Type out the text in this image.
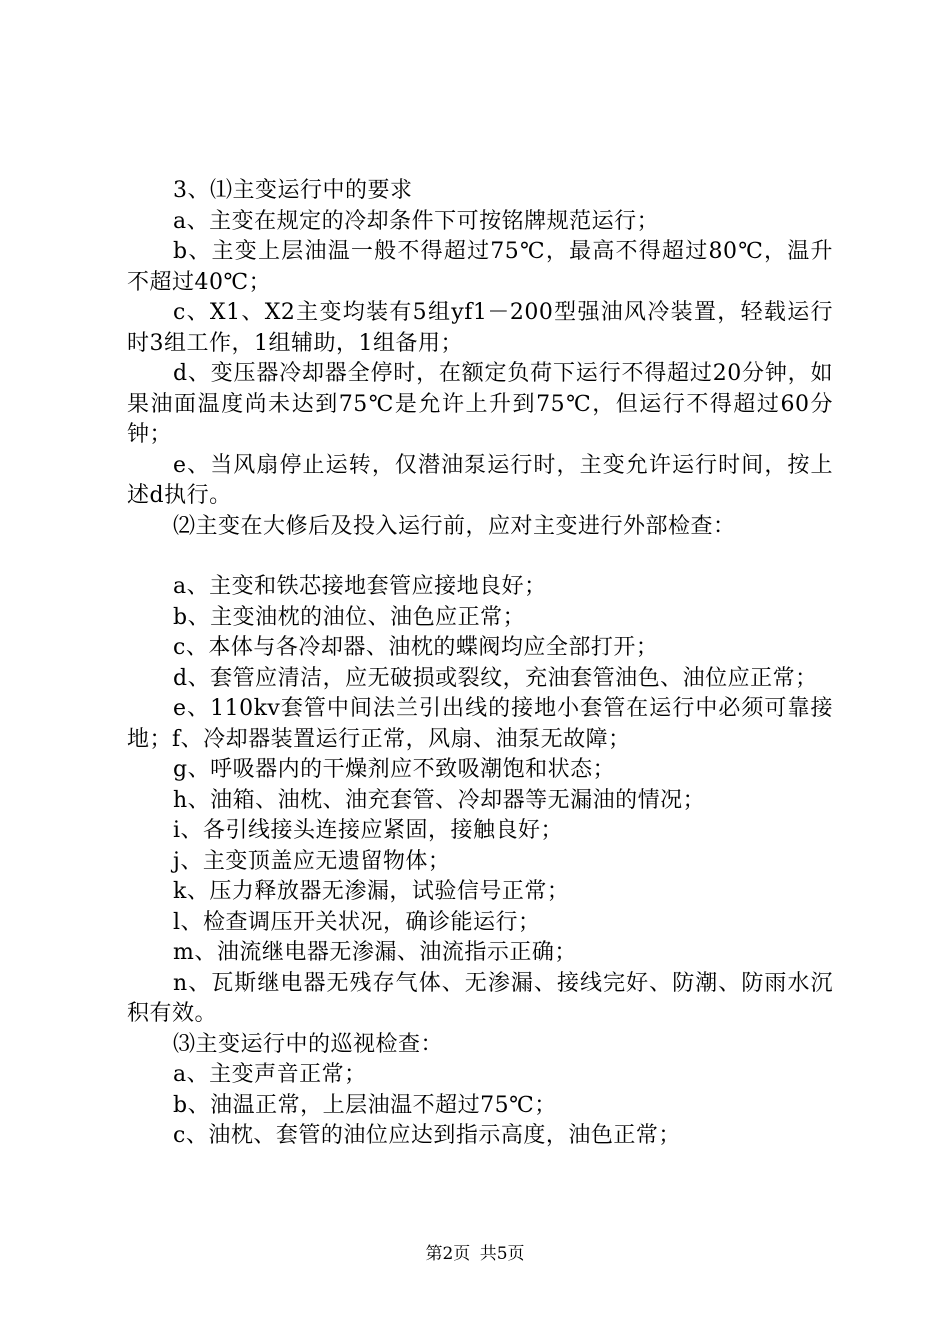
3、⑴主变运行中的要求

a、主变在规定的冷却条件下可按铭牌规范运行；

b、主变上层油温一般不得超过75℃，最高不得超过80℃，温升不超过40℃；

c、X1、X2主变均装有5组yf1－200型强油风冷装置，轻载运行时3组工作，1组辅助，1组备用；

d、变压器冷却器全停时，在额定负荷下运行不得超过20分钟，如果油面温度尚未达到75℃是允许上升到75℃，但运行不得超过60分钟；

e、当风扇停止运转，仅潜油泵运行时，主变允许运行时间，按上述d执行。

⑵主变在大修后及投入运行前，应对主变进行外部检查：

a、主变和铁芯接地套管应接地良好；

b、主变油枕的油位、油色应正常；

c、本体与各冷却器、油枕的蝶阀均应全部打开；

d、套管应清洁，应无破损或裂纹，充油套管油色、油位应正常；

e、110kv套管中间法兰引出线的接地小套管在运行中必须可靠接地；f、冷却器装置运行正常，风扇、油泵无故障；

g、呼吸器内的干燥剂应不致吸潮饱和状态；

h、油箱、油枕、油充套管、冷却器等无漏油的情况；

i、各引线接头连接应紧固，接触良好；

j、主变顶盖应无遗留物体；

k、压力释放器无渗漏，试验信号正常；

l、检查调压开关状况，确诊能运行；

m、油流继电器无渗漏、油流指示正确；

n、瓦斯继电器无残存气体、无渗漏、接线完好、防潮、防雨水沉积有效。

⑶主变运行中的巡视检查：

a、主变声音正常；

b、油温正常，上层油温不超过75℃；

c、油枕、套管的油位应达到指示高度，油色正常；

第2页 共5页
